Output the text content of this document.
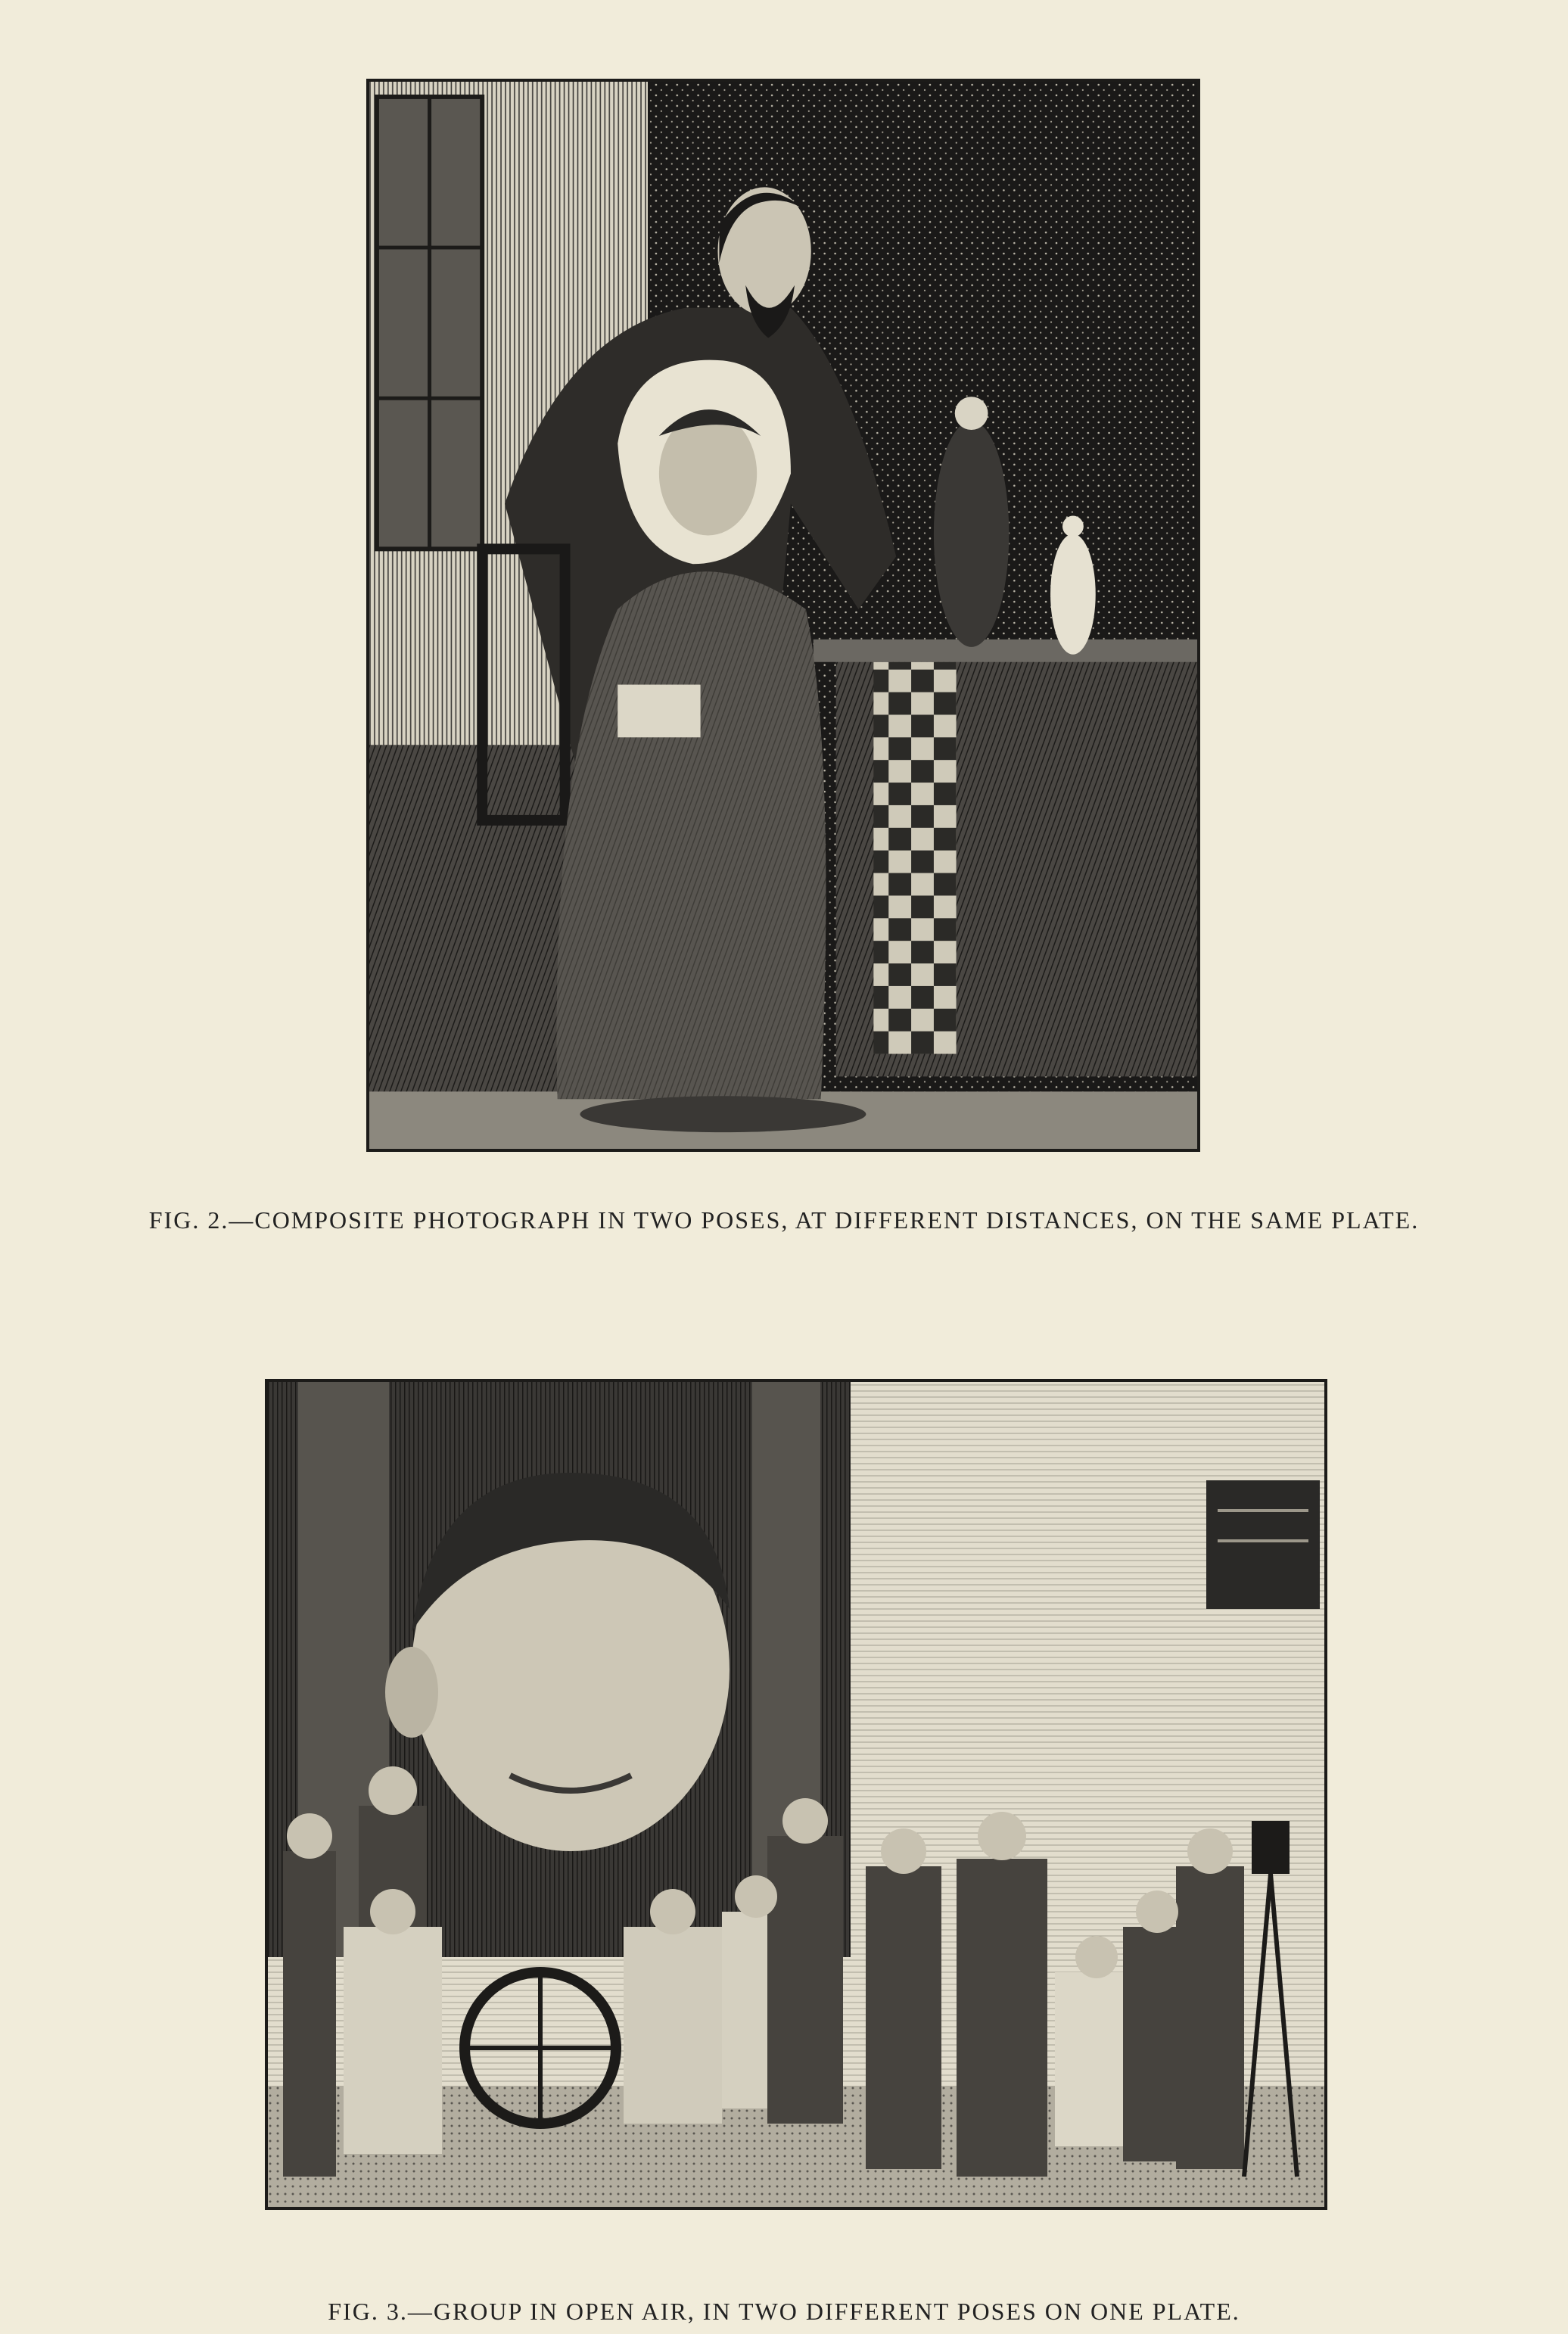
FIG. 2.—COMPOSITE PHOTOGRAPH IN TWO POSES, AT DIFFERENT DISTANCES, ON THE SAME PLATE.
FIG. 3.—GROUP IN OPEN AIR, IN TWO DIFFERENT POSES ON ONE PLATE.
